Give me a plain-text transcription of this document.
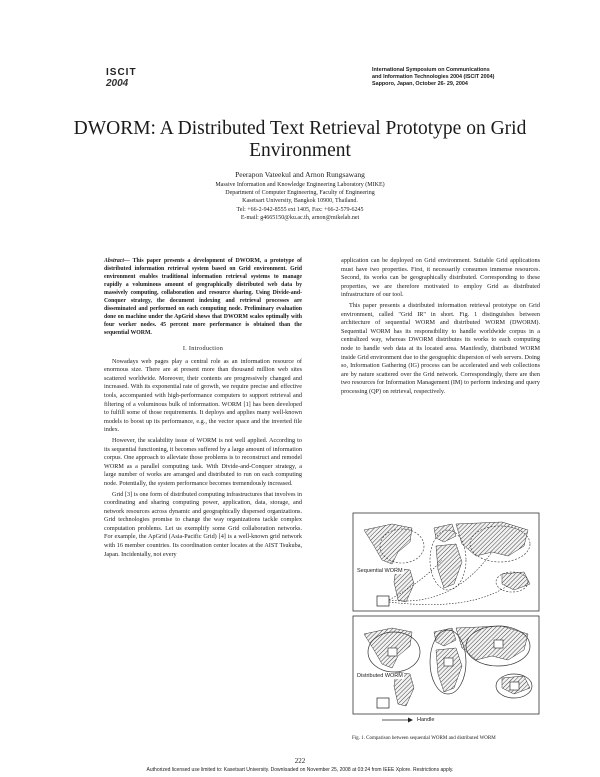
ISCIT
2004
International Symposium on Communications
and Information Technologies 2004 (ISCIT 2004)
Sapporo, Japan, October 26- 29, 2004
DWORM: A Distributed Text Retrieval Prototype on Grid Environment
Peerapon Vateekul and Arnon Rungsawang
Massive Information and Knowledge Engineering Laboratory (MIKE)
Department of Computer Engineering, Faculty of Engineering
Kasetsart University, Bangkok 10900, Thailand.
Tel: +66-2-942-8555 ext 1405, Fax: +66-2-579-6245
E-mail: g4665150@ku.ac.th, arnon@mikelab.net
Abstract— This paper presents a development of DWORM, a prototype of distributed information retrieval system based on Grid environment. Grid environment enables traditional information retrieval systems to manage rapidly a voluminous amount of geographically distributed web data by massively computing, collaboration and resource sharing. Using Divide-and-Conquer strategy, the document indexing and retrieval processes are disseminated and performed on each computing node. Preliminary evaluation done on machine under the ApGrid shows that DWORM scales optimally with four worker nodes. 45 percent more performance is obtained than the sequential WORM.
I. Introduction

Nowadays web pages play a central role as an information resource of enormous size. There are at present more than thousand million web sites scattered worldwide. Moreover, their contents are progressively changed and increased. With its exponential rate of growth, we require precise and effective tools, accompanied with high-performance computers to support retrieval and filtering of a voluminous bulk of information. WORM [1] has been developed to fulfill some of those requirements. It deploys and applies many well-known models to boost up its performance, e.g., the vector space and the inverted file index.

However, the scalability issue of WORM is not well applied. According to its sequential functioning, it becomes suffered by a large amount of information corpus. One approach to alleviate those problems is to reconstruct and remodel WORM as a parallel computing task. With Divide-and-Conquer strategy, a large number of works are arranged and distributed to run on each computing node. Potentially, the system performance becomes tremendously increased.

Grid [3] is one form of distributed computing infrastructures that involves in coordinating and sharing computing power, application, data, storage, and network resources across dynamic and geographically dispersed organizations. Grid technologies promise to change the way organizations tackle complex computation problems. Let us exemplify some Grid collaboration networks. For example, the ApGrid (Asia-Pacific Grid) [4] is a well-known grid network with 16 member countries. Its coordination center locates at the AIST Tsukuba, Japan. Incidentally, not every

application can be deployed on Grid environment. Suitable Grid applications must have two properties. First, it necessarily consumes immense resources. Second, its works can be geographically distributed. Corresponding to these properties, we are therefore motivated to employ Grid as distributed infrastructure of our tool.

This paper presents a distributed information retrieval prototype on Grid environment, called "Grid IR" in short. Fig. 1 distinguishes between architecture of sequential WORM and distributed WORM (DWORM). Sequential WORM has its responsibility to handle worldwide corpus in a centralized way, whereas DWORM distributes its works to each computing node to handle web data at its located area. Manifestly, distributed WORM inside Grid environment due to the geographic dispersion of web servers. Doing so, Information Gathering (IG) process can be accelerated and web collections are by nature scattered over the Grid network. Correspondingly, there are then two resources for Information Management (IM) to perform indexing and query processing (QP) on retrieval, respectively.

Sequential WORM
Distributed WORM
Handle
Fig. 1. Comparison between sequential WORM and distributed WORM
222
Authorized licensed use limited to: Kasetsart University. Downloaded on November 25, 2008 at 03:24 from IEEE Xplore. Restrictions apply.
